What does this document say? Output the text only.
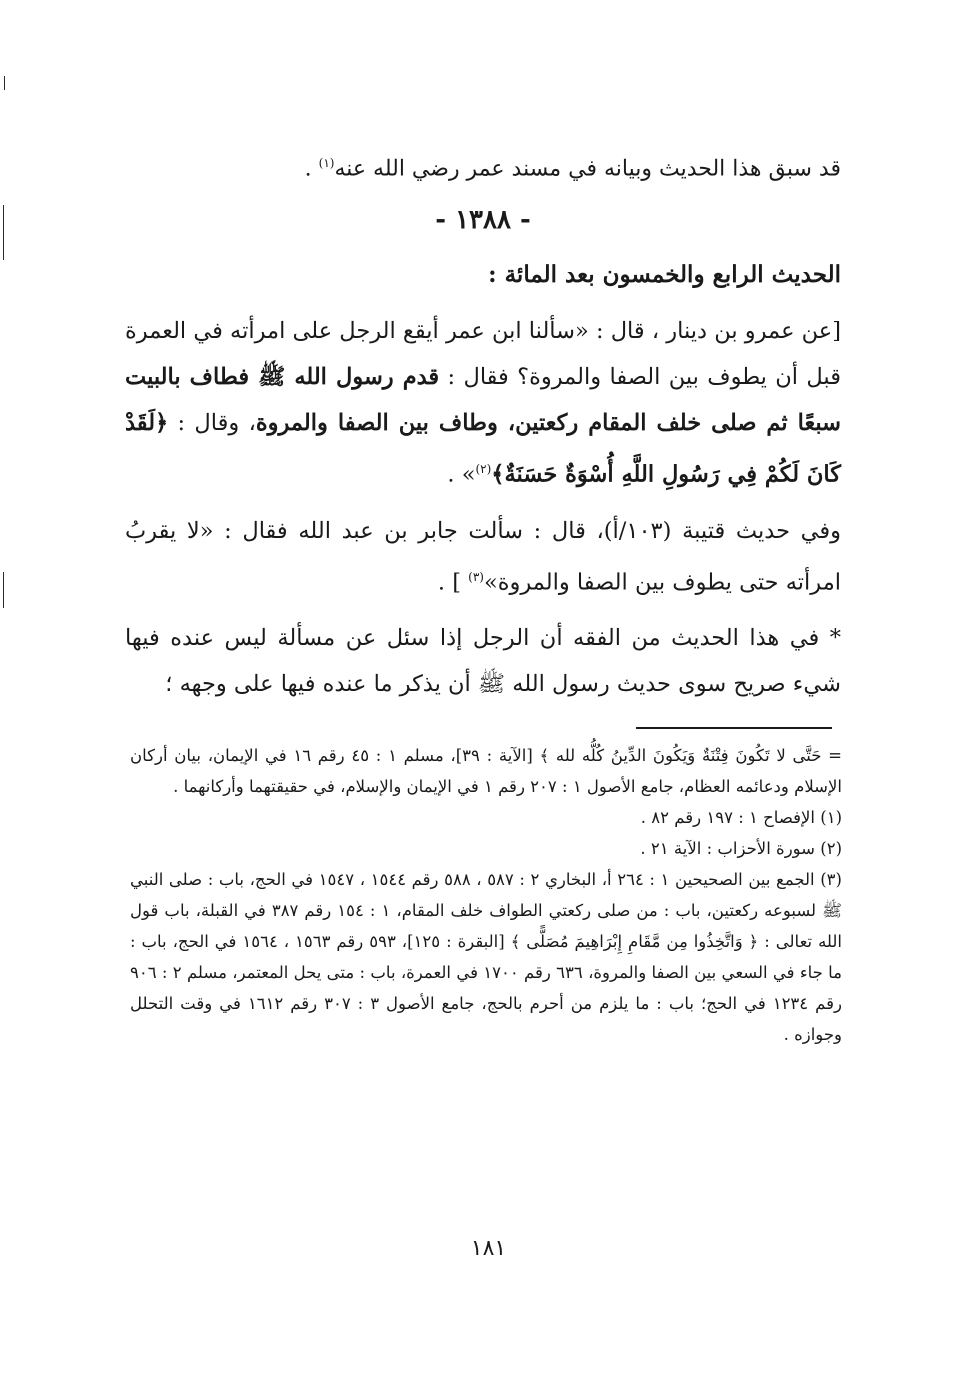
قد سبق هذا الحديث وبيانه في مسند عمر رضي الله عنه$^{(١)}$ .

- ١٣٨٨ -

الحديث الرابع والخمسون بعد المائة :

[عن عمرو بن دينار ، قال : «سألنا ابن عمر أيقع الرجل على امرأته في العمرة قبل أن يطوف بين الصفا والمروة؟ فقال : قدم رسول الله ﷺ فطاف بالبيت سبعًا ثم صلى خلف المقام ركعتين، وطاف بين الصفا والمروة، وقال : ﴿لَقَدْ كَانَ لَكُمْ فِي رَسُولِ اللَّهِ أُسْوَةٌ حَسَنَةٌ﴾$^{(٢)}$» .

وفي حديث قتيبة (١٠٣/أ)، قال : سألت جابر بن عبد الله فقال : «لا يقربُ امرأته حتى يطوف بين الصفا والمروة»$^{(٣)}$ ] .

* في هذا الحديث من الفقه أن الرجل إذا سئل عن مسألة ليس عنده فيها شيء صريح سوى حديث رسول الله ﷺ أن يذكر ما عنده فيها على وجهه ؛

= حَتَّى لا تَكُونَ فِتْنَةٌ وَيَكُونَ الدِّينُ كُلُّه لله ﴾ [الآية : ٣٩]، مسلم ١ : ٤٥ رقم ١٦ في الإيمان، بيان أركان الإسلام ودعائمه العظام، جامع الأصول ١ : ٢٠٧ رقم ١ في الإيمان والإسلام، في حقيقتهما وأركانهما .

(١) الإفصاح ١ : ١٩٧ رقم ٨٢ .

(٢) سورة الأحزاب : الآية ٢١ .

(٣) الجمع بين الصحيحين ١ : ٢٦٤ أ، البخاري ٢ : ٥٨٧ ، ٥٨٨ رقم ١٥٤٤ ، ١٥٤٧ في الحج، باب : صلى النبي ﷺ لسبوعه ركعتين، باب : من صلى ركعتي الطواف خلف المقام، ١ : ١٥٤ رقم ٣٨٧ في القبلة، باب قول الله تعالى : ﴿ وَاتَّخِذُوا مِن مَّقَامِ إِبْرَاهِيمَ مُصَلًّى ﴾ [البقرة : ١٢٥]، ٥٩٣ رقم ١٥٦٣ ، ١٥٦٤ في الحج، باب : ما جاء في السعي بين الصفا والمروة، ٦٣٦ رقم ١٧٠٠ في العمرة، باب : متى يحل المعتمر، مسلم ٢ : ٩٠٦ رقم ١٢٣٤ في الحج؛ باب : ما يلزم من أحرم بالحج، جامع الأصول ٣ : ٣٠٧ رقم ١٦١٢ في وقت التحلل وجوازه .

١٨١
